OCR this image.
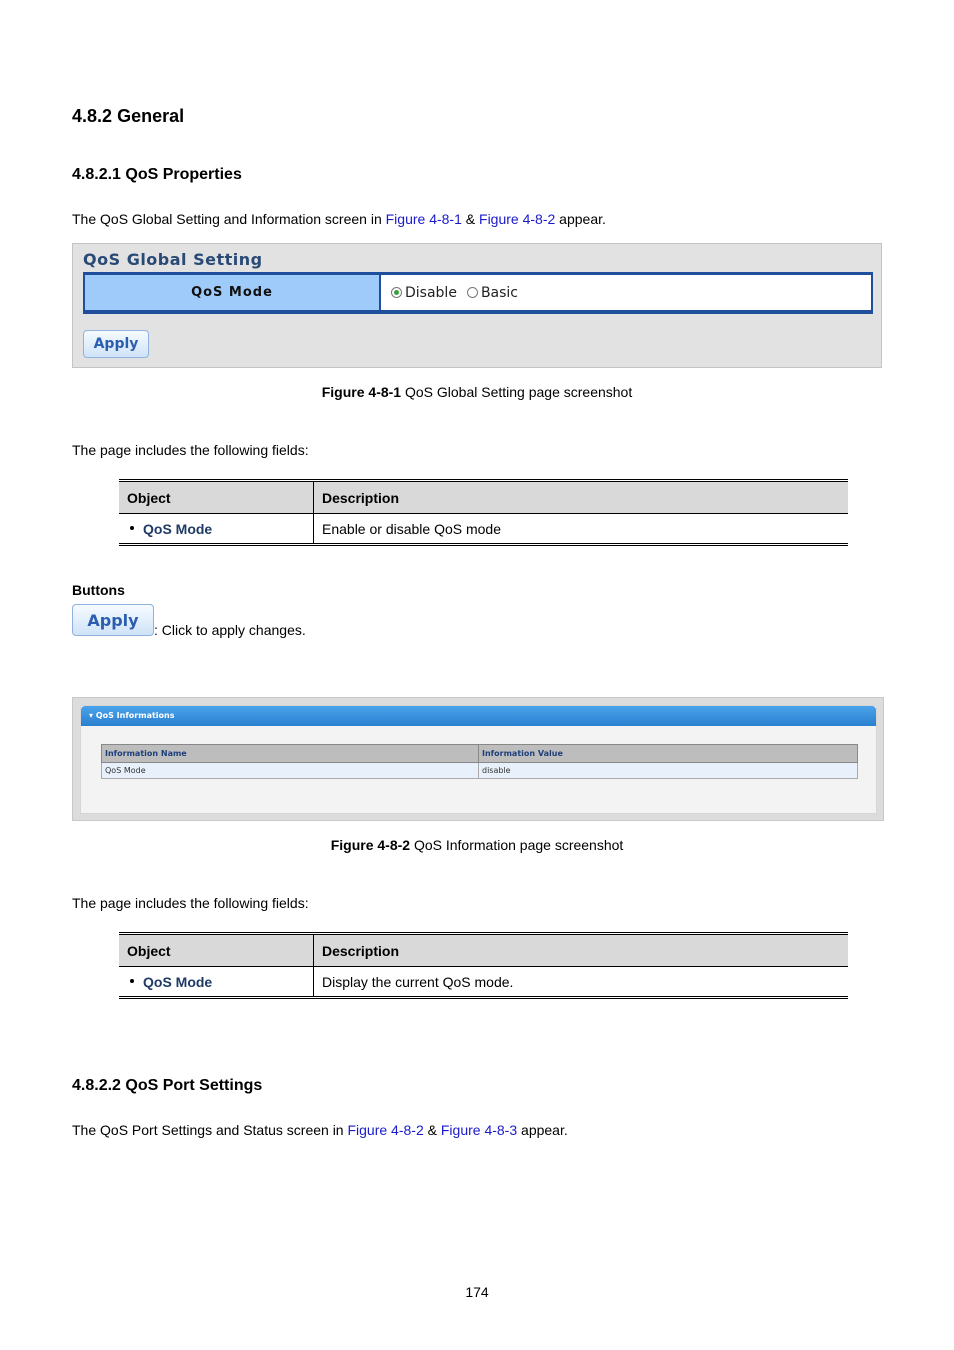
4.8.2 General
4.8.2.1 QoS Properties

The QoS Global Setting and Information screen in Figure 4-8-1 & Figure 4-8-2 appear.

QoS Global Setting
QoS Mode	Disable Basic
Apply

Figure 4-8-1 QoS Global Setting page screenshot

The page includes the following fields:

Object	Description
QoS Mode	Enable or disable QoS mode

Buttons

Apply

: Click to apply changes.

▾ QoS Informations
Information Name	Information Value
QoS Mode	disable

Figure 4-8-2 QoS Information page screenshot

The page includes the following fields:

Object	Description
QoS Mode	Display the current QoS mode.
4.8.2.2 QoS Port Settings

The QoS Port Settings and Status screen in Figure 4-8-2 & Figure 4-8-3 appear.

174
